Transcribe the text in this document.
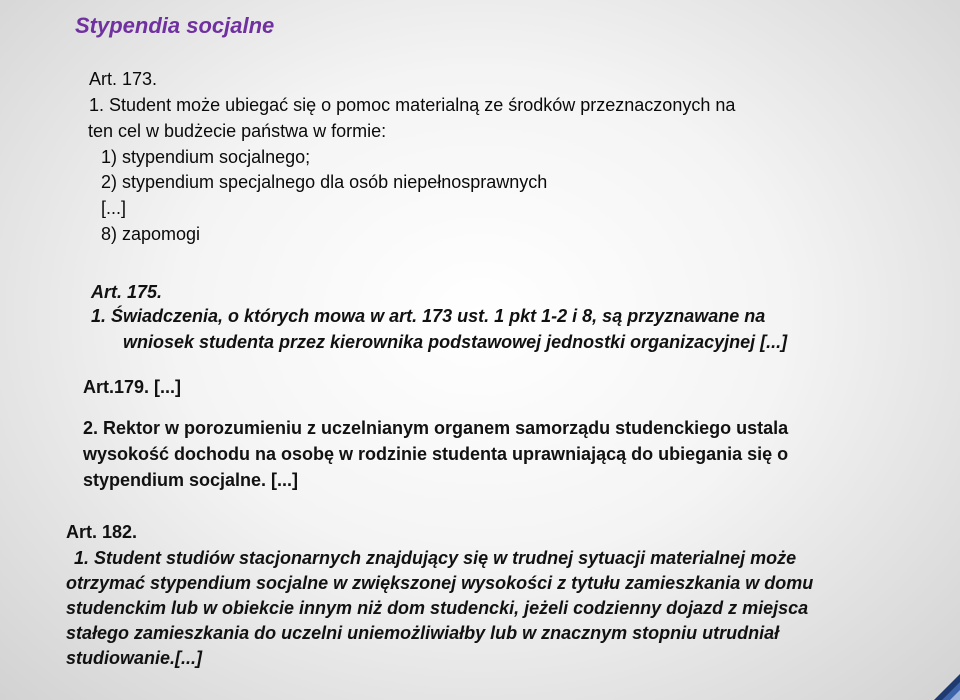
Stypendia socjalne
Art. 173.
1. Student może ubiegać się o pomoc materialną ze środków przeznaczonych na
ten cel w budżecie państwa w formie:
1) stypendium socjalnego;
2) stypendium specjalnego dla osób niepełnosprawnych
[...]
8) zapomogi
Art. 175.
1. Świadczenia, o których mowa w art. 173 ust. 1 pkt 1-2 i 8, są przyznawane na
wniosek studenta przez kierownika podstawowej jednostki organizacyjnej [...]
Art.179. [...]
2. Rektor w porozumieniu z uczelnianym organem samorządu studenckiego ustala
wysokość dochodu na osobę w rodzinie studenta uprawniającą do ubiegania się o
stypendium socjalne. [...]
Art. 182.
1. Student studiów stacjonarnych znajdujący się w trudnej sytuacji materialnej może
otrzymać stypendium socjalne w zwiększonej wysokości z tytułu zamieszkania w domu
studenckim lub w obiekcie innym niż dom studencki, jeżeli codzienny dojazd z miejsca
stałego zamieszkania do uczelni uniemożliwiałby lub w znacznym stopniu utrudniał
studiowanie.[...]
